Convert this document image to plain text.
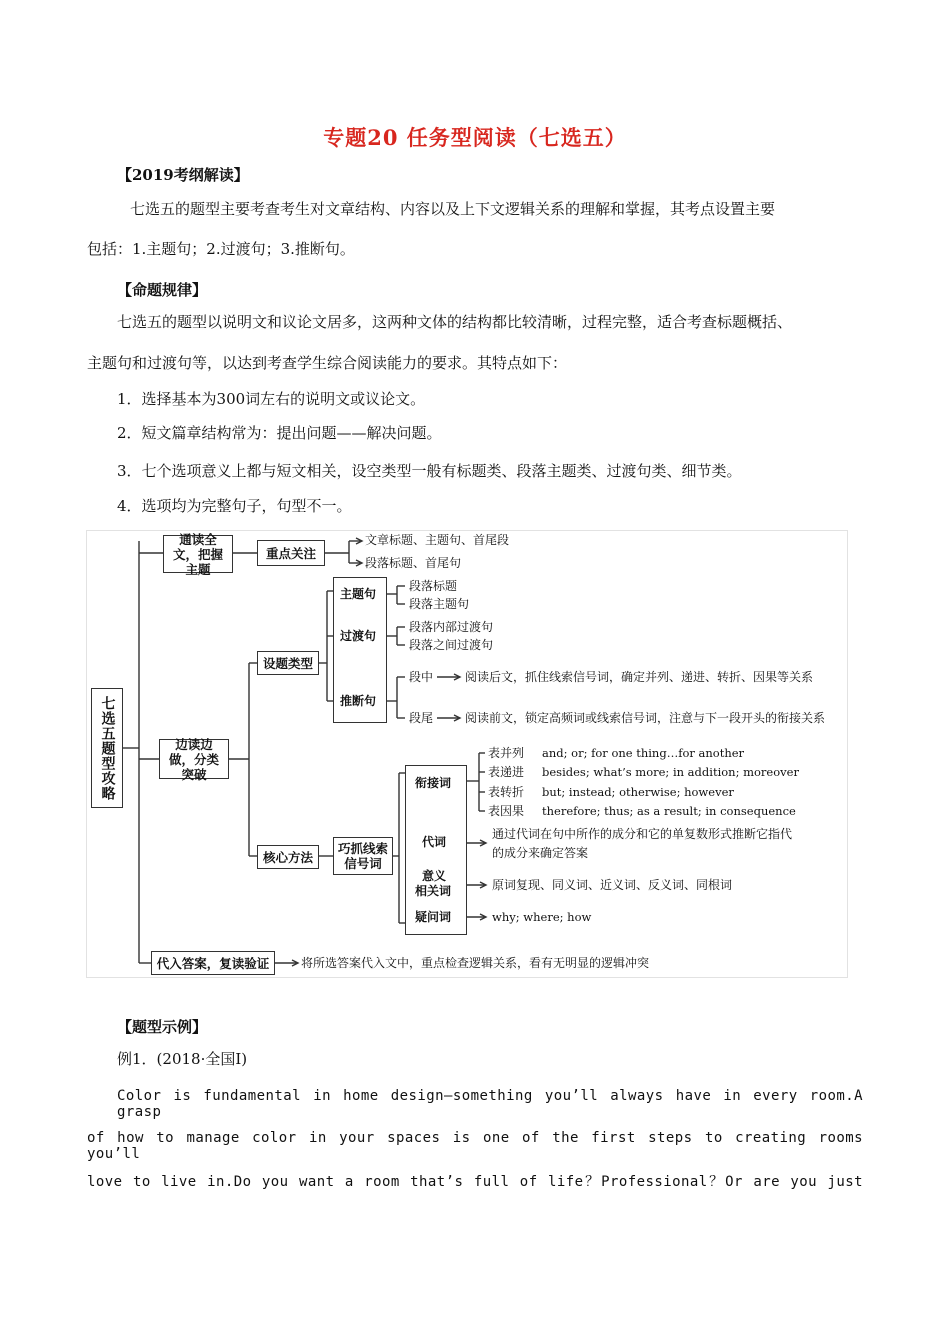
专题20 任务型阅读（七选五）
【2019考纲解读】
七选五的题型主要考查考生对文章结构、内容以及上下文逻辑关系的理解和掌握，其考点设置主要
包括：1.主题句；2.过渡句；3.推断句。
【命题规律】
七选五的题型以说明文和议论文居多，这两种文体的结构都比较清晰，过程完整，适合考查标题概括、
主题句和过渡句等，以达到考查学生综合阅读能力的要求。其特点如下：
1．选择基本为300词左右的说明文或议论文。
2．短文篇章结构常为：提出问题——解决问题。
3．七个选项意义上都与短文相关，设空类型一般有标题类、段落主题类、过渡句类、细节类。
4．选项均为完整句子，句型不一。
七选五题型攻略
通读全文，把握主题
重点关注
文章标题、主题句、首尾段
段落标题、首尾句
边读边做，分类突破
设题类型
主题句
过渡句
推断句
段落标题
段落主题句
段落内部过渡句
段落之间过渡句
段中	阅读后文，抓住线索信号词，确定并列、递进、转折、因果等关系
段尾	阅读前文，锁定高频词或线索信号词，注意与下一段开头的衔接关系
核心方法
巧抓线索信号词
衔接词
代词
意义
相关词
疑问词
表并列 and; or; for one thing…for another
表递进 besides; what’s more; in addition; moreover
表转折 but; instead; otherwise; however
表因果 therefore; thus; as a result; in consequence
通过代词在句中所作的成分和它的单复数形式推断它指代
的成分来确定答案
原词复现、同义词、近义词、反义词、同根词
why; where; how
代入答案，复读验证	将所选答案代入文中，重点检查逻辑关系，看有无明显的逻辑冲突
【题型示例】
例1．(2018·全国Ⅰ)
Color is fundamental in home design—something you’ll always have in every room.A grasp
of how to manage color in your spaces is one of the first steps to creating rooms you’ll
love to live in.Do you want a room that’s full of life？Professional？Or are you just
